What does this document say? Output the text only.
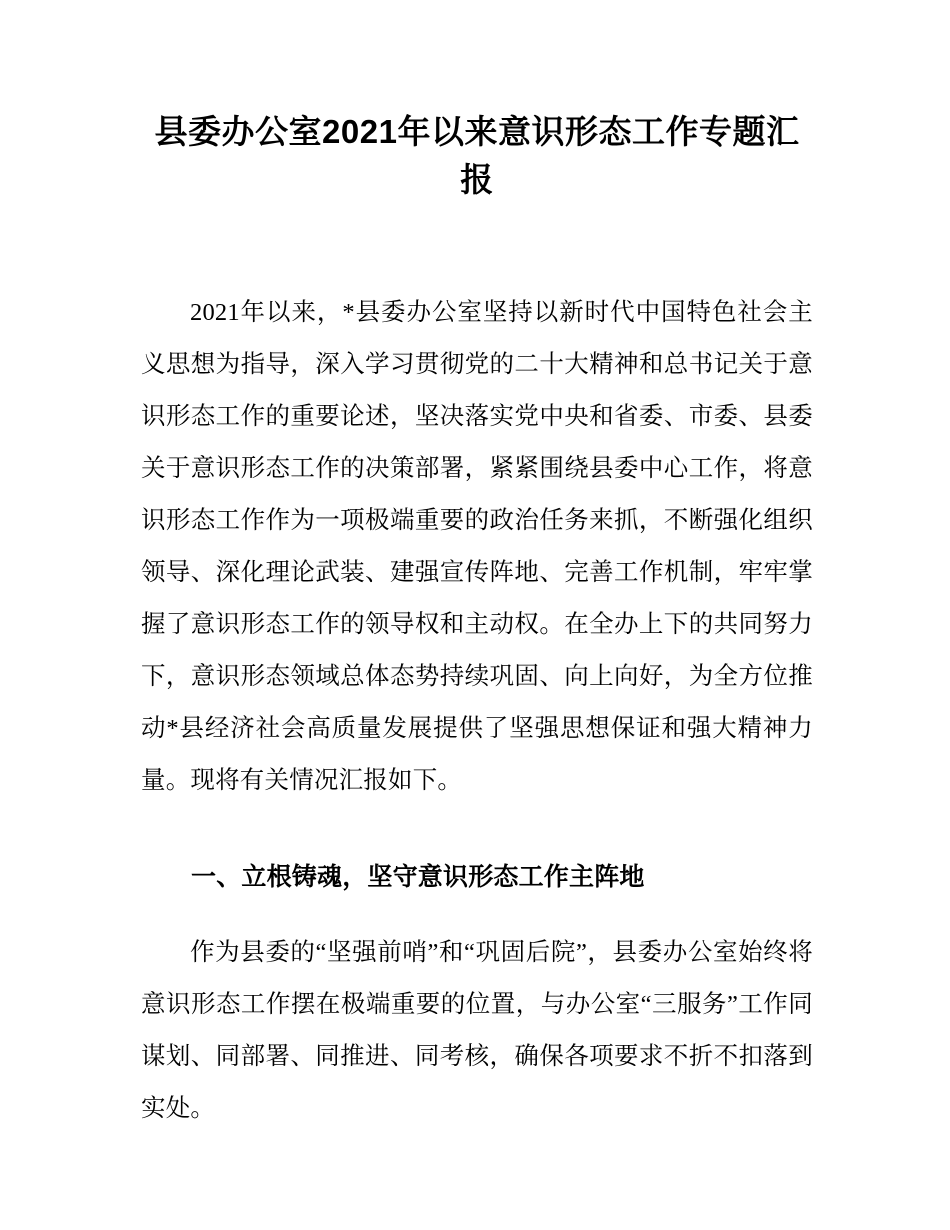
县委办公室2021年以来意识形态工作专题汇报

2021年以来，*县委办公室坚持以新时代中国特色社会主义思想为指导，深入学习贯彻党的二十大精神和总书记关于意识形态工作的重要论述，坚决落实党中央和省委、市委、县委关于意识形态工作的决策部署，紧紧围绕县委中心工作，将意识形态工作作为一项极端重要的政治任务来抓，不断强化组织领导、深化理论武装、建强宣传阵地、完善工作机制，牢牢掌握了意识形态工作的领导权和主动权。在全办上下的共同努力下，意识形态领域总体态势持续巩固、向上向好，为全方位推动*县经济社会高质量发展提供了坚强思想保证和强大精神力量。现将有关情况汇报如下。

一、立根铸魂，坚守意识形态工作主阵地

作为县委的“坚强前哨”和“巩固后院”，县委办公室始终将意识形态工作摆在极端重要的位置，与办公室“三服务”工作同谋划、同部署、同推进、同考核，确保各项要求不折不扣落到实处。
